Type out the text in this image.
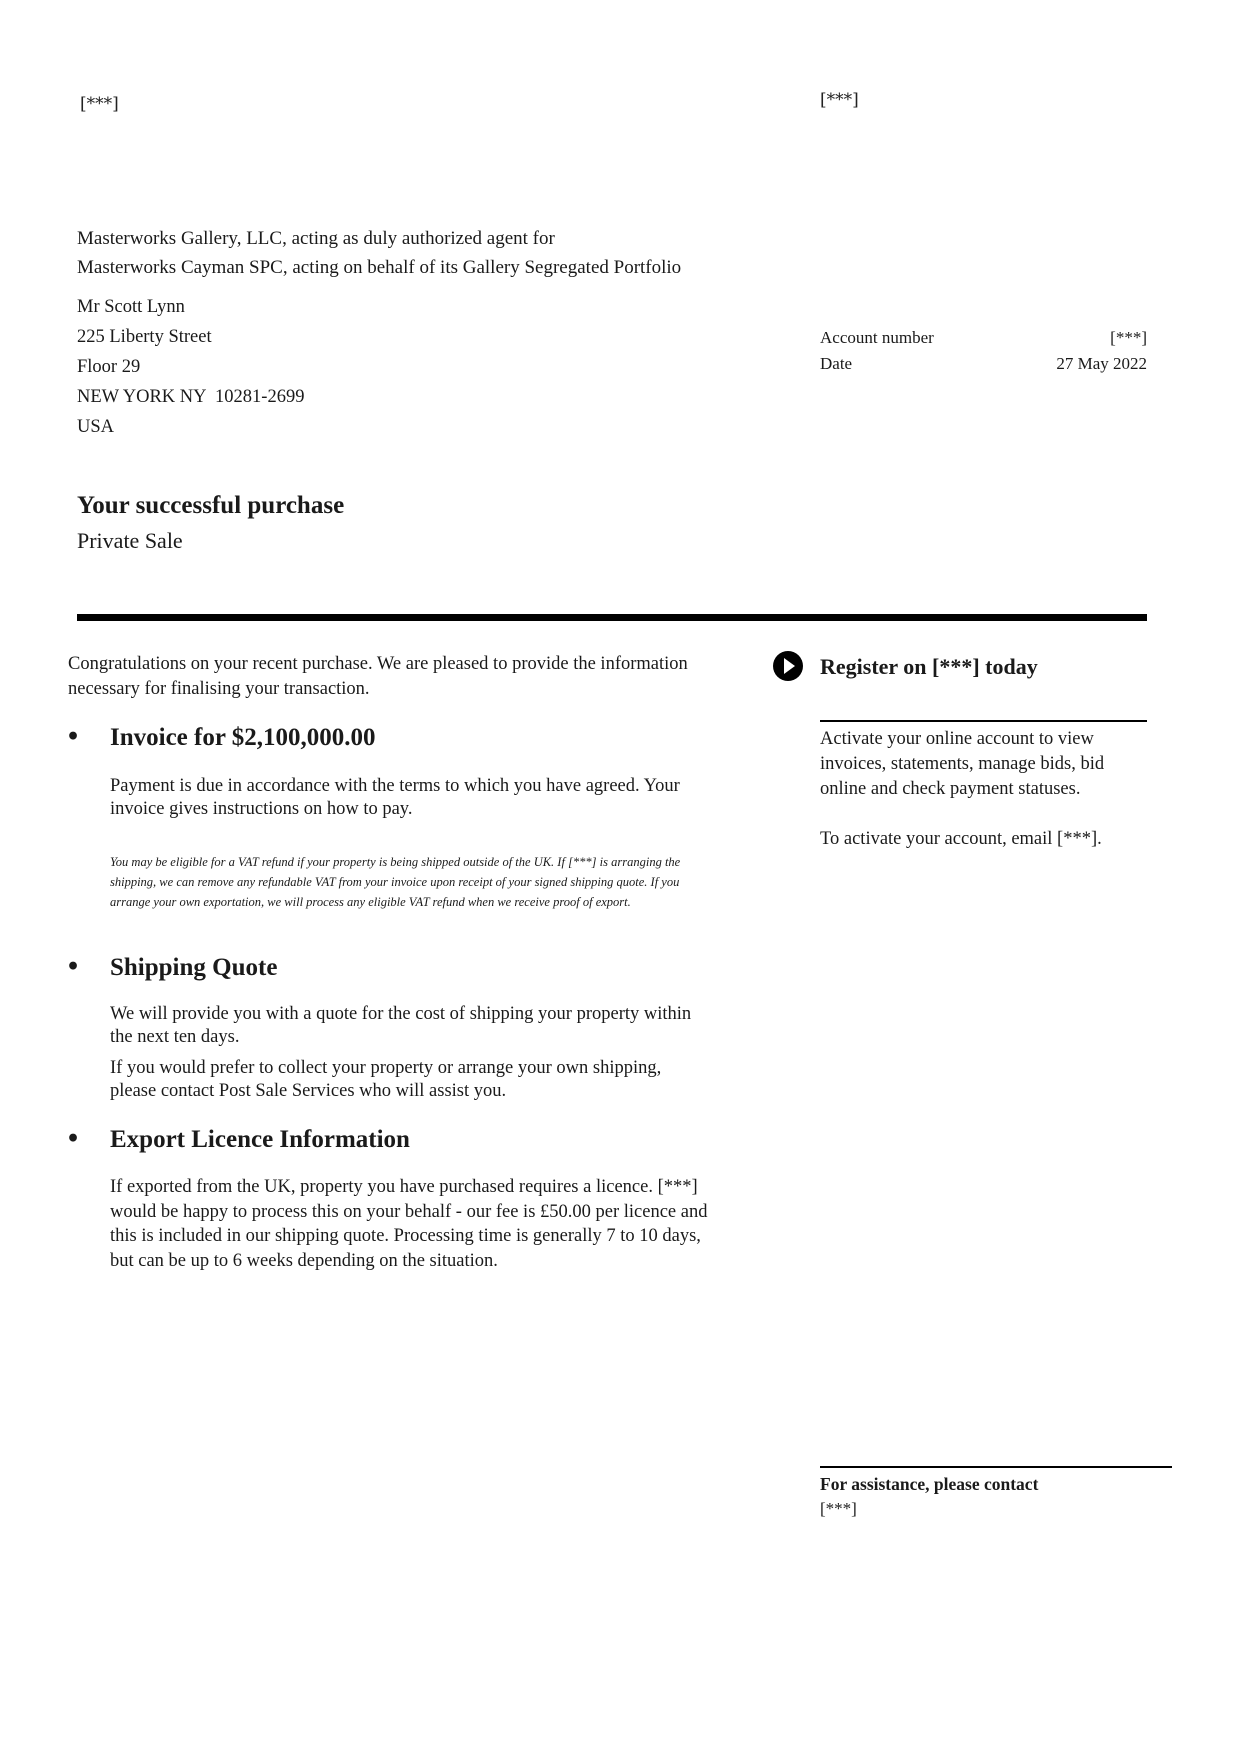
[***]	[***]
Masterworks Gallery, LLC, acting as duly authorized agent for
Masterworks Cayman SPC, acting on behalf of its Gallery Segregated Portfolio
Mr Scott Lynn
225 Liberty Street
Floor 29
NEW YORK NY  10281-2699
USA
Account number	[***]
Date	27 May 2022
Your successful purchase
Private Sale
Congratulations on your recent purchase. We are pleased to provide the information necessary for finalising your transaction.
• Invoice for $2,100,000.00
Payment is due in accordance with the terms to which you have agreed. Your invoice gives instructions on how to pay.
You may be eligible for a VAT refund if your property is being shipped outside of the UK. If [***] is arranging the shipping, we can remove any refundable VAT from your invoice upon receipt of your signed shipping quote. If you arrange your own exportation, we will process any eligible VAT refund when we receive proof of export.
• Shipping Quote
We will provide you with a quote for the cost of shipping your property within the next ten days.
If you would prefer to collect your property or arrange your own shipping, please contact Post Sale Services who will assist you.
• Export Licence Information
If exported from the UK, property you have purchased requires a licence. [***] would be happy to process this on your behalf - our fee is £50.00 per licence and this is included in our shipping quote. Processing time is generally 7 to 10 days, but can be up to 6 weeks depending on the situation.
Register on [***] today
Activate your online account to view invoices, statements, manage bids, bid online and check payment statuses.
To activate your account, email [***].
For assistance, please contact
[***]
